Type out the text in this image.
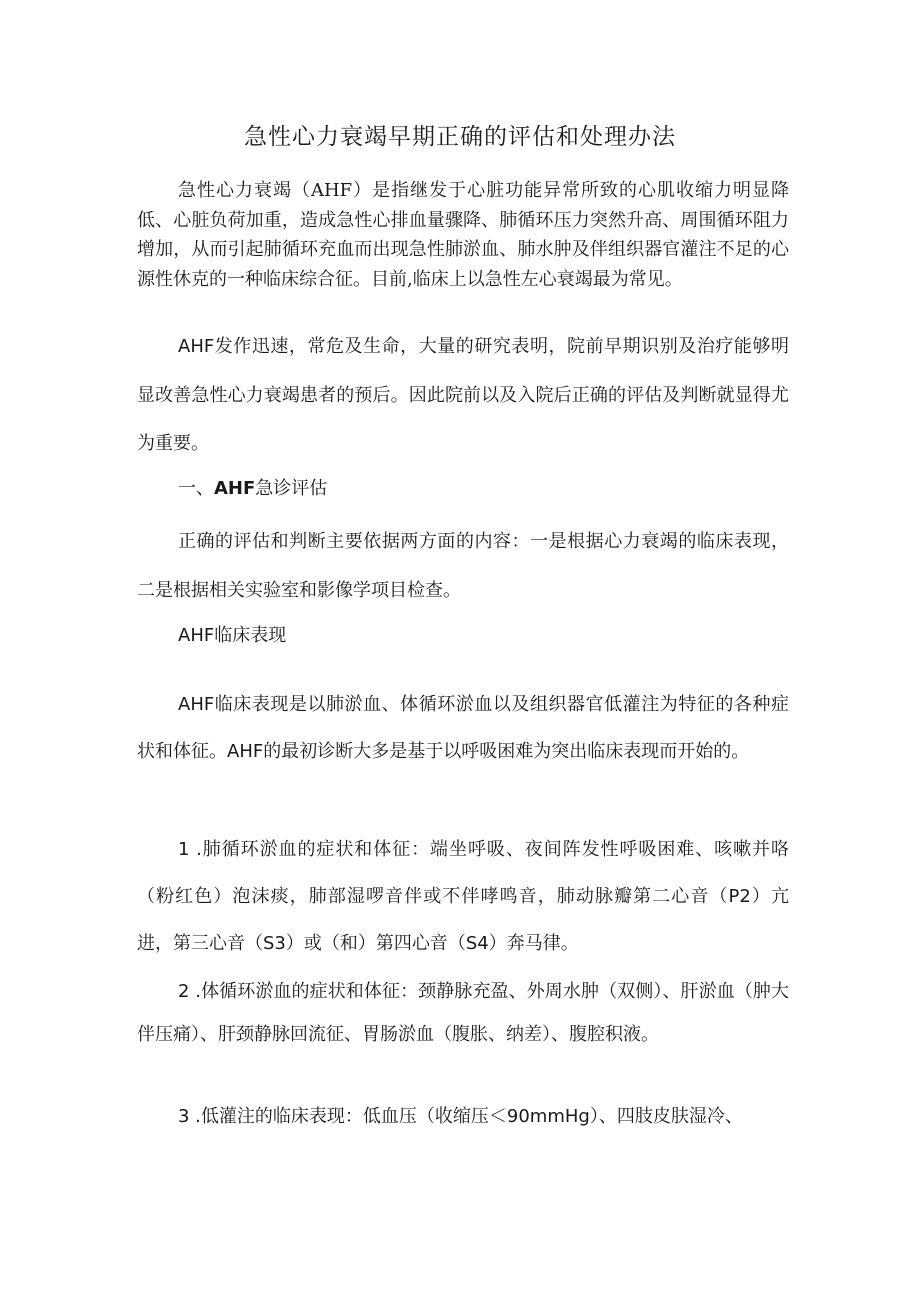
急性心力衰竭早期正确的评估和处理办法

急性心力衰竭（AHF）是指继发于心脏功能异常所致的心肌收缩力明显降低、心脏负荷加重，造成急性心排血量骤降、肺循环压力突然升高、周围循环阻力增加，从而引起肺循环充血而出现急性肺淤血、肺水肿及伴组织器官灌注不足的心源性休克的一种临床综合征。目前,临床上以急性左心衰竭最为常见。

AHF发作迅速，常危及生命，大量的研究表明，院前早期识别及治疗能够明显改善急性心力衰竭患者的预后。因此院前以及入院后正确的评估及判断就显得尤为重要。

一、AHF急诊评估

正确的评估和判断主要依据两方面的内容：一是根据心力衰竭的临床表现，二是根据相关实验室和影像学项目检查。

AHF临床表现

AHF临床表现是以肺淤血、体循环淤血以及组织器官低灌注为特征的各种症状和体征。AHF的最初诊断大多是基于以呼吸困难为突出临床表现而开始的。

1 .肺循环淤血的症状和体征：端坐呼吸、夜间阵发性呼吸困难、咳嗽并咯（粉红色）泡沫痰，肺部湿啰音伴或不伴哮鸣音，肺动脉瓣第二心音（P2）亢进，第三心音（S3）或（和）第四心音（S4）奔马律。

2 .体循环淤血的症状和体征：颈静脉充盈、外周水肿（双侧）、肝淤血（肿大伴压痛）、肝颈静脉回流征、胃肠淤血（腹胀、纳差）、腹腔积液。

3 .低灌注的临床表现：低血压（收缩压＜90mmHg）、四肢皮肤湿冷、
